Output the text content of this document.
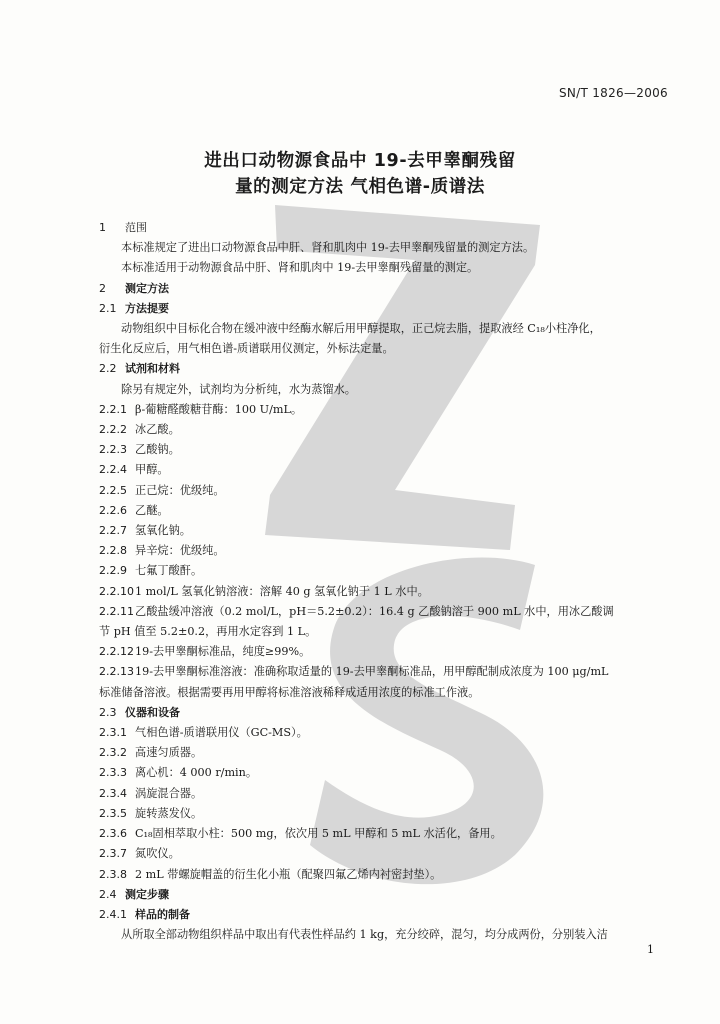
SN/T 1826—2006
进出口动物源食品中 19-去甲睾酮残留
量的测定方法 气相色谱-质谱法
1 范围
本标准规定了进出口动物源食品中肝、肾和肌肉中 19-去甲睾酮残留量的测定方法。
本标准适用于动物源食品中肝、肾和肌肉中 19-去甲睾酮残留量的测定。
2 测定方法
2.1 方法提要
动物组织中目标化合物在缓冲液中经酶水解后用甲醇提取，正己烷去脂，提取液经 C₁₈小柱净化，
衍生化反应后，用气相色谱-质谱联用仪测定，外标法定量。
2.2 试剂和材料
除另有规定外，试剂均为分析纯，水为蒸馏水。
2.2.1 β-葡糖醛酸糖苷酶：100 U/mL。
2.2.2 冰乙酸。
2.2.3 乙酸钠。
2.2.4 甲醇。
2.2.5 正己烷：优级纯。
2.2.6 乙醚。
2.2.7 氢氧化钠。
2.2.8 异辛烷：优级纯。
2.2.9 七氟丁酸酐。
2.2.101 mol/L 氢氧化钠溶液：溶解 40 g 氢氧化钠于 1 L 水中。
2.2.11乙酸盐缓冲溶液（0.2 mol/L，pH＝5.2±0.2）：16.4 g 乙酸钠溶于 900 mL 水中，用冰乙酸调
节 pH 值至 5.2±0.2，再用水定容到 1 L。
2.2.1219-去甲睾酮标准品，纯度≥99%。
2.2.1319-去甲睾酮标准溶液：准确称取适量的 19-去甲睾酮标准品，用甲醇配制成浓度为 100 μg/mL
标准储备溶液。根据需要再用甲醇将标准溶液稀释成适用浓度的标准工作液。
2.3 仪器和设备
2.3.1 气相色谱-质谱联用仪（GC-MS）。
2.3.2 高速匀质器。
2.3.3 离心机：4 000 r/min。
2.3.4 涡旋混合器。
2.3.5 旋转蒸发仪。
2.3.6 C₁₈固相萃取小柱：500 mg，依次用 5 mL 甲醇和 5 mL 水活化，备用。
2.3.7 氮吹仪。
2.3.8 2 mL 带螺旋帽盖的衍生化小瓶（配聚四氟乙烯内衬密封垫）。
2.4 测定步骤
2.4.1 样品的制备
从所取全部动物组织样品中取出有代表性样品约 1 kg，充分绞碎，混匀，均分成两份，分别装入洁
1
